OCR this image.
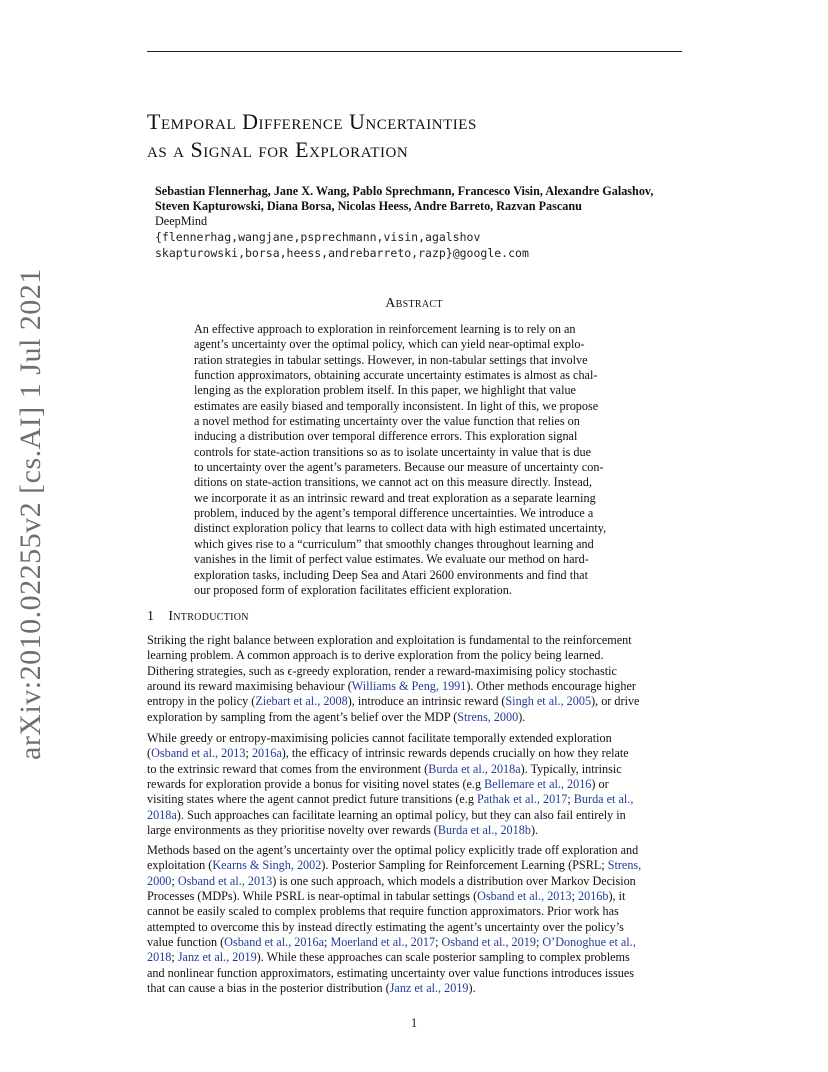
arXiv:2010.02255v2 [cs.AI] 1 Jul 2021
Temporal Difference Uncertainties
as a Signal for Exploration
Sebastian Flennerhag, Jane X. Wang, Pablo Sprechmann, Francesco Visin, Alexandre Galashov,
Steven Kapturowski, Diana Borsa, Nicolas Heess, Andre Barreto, Razvan Pascanu
DeepMind
{flennerhag,wangjane,psprechmann,visin,agalshov
skapturowski,borsa,heess,andrebarreto,razp}@google.com
Abstract
An effective approach to exploration in reinforcement learning is to rely on an
agent’s uncertainty over the optimal policy, which can yield near-optimal explo-
ration strategies in tabular settings. However, in non-tabular settings that involve
function approximators, obtaining accurate uncertainty estimates is almost as chal-
lenging as the exploration problem itself. In this paper, we highlight that value
estimates are easily biased and temporally inconsistent. In light of this, we propose
a novel method for estimating uncertainty over the value function that relies on
inducing a distribution over temporal difference errors. This exploration signal
controls for state-action transitions so as to isolate uncertainty in value that is due
to uncertainty over the agent’s parameters. Because our measure of uncertainty con-
ditions on state-action transitions, we cannot act on this measure directly. Instead,
we incorporate it as an intrinsic reward and treat exploration as a separate learning
problem, induced by the agent’s temporal difference uncertainties. We introduce a
distinct exploration policy that learns to collect data with high estimated uncertainty,
which gives rise to a “curriculum” that smoothly changes throughout learning and
vanishes in the limit of perfect value estimates. We evaluate our method on hard-
exploration tasks, including Deep Sea and Atari 2600 environments and find that
our proposed form of exploration facilitates efficient exploration.
1 Introduction
Striking the right balance between exploration and exploitation is fundamental to the reinforcement
learning problem. A common approach is to derive exploration from the policy being learned.
Dithering strategies, such as ϵ-greedy exploration, render a reward-maximising policy stochastic
around its reward maximising behaviour (Williams & Peng, 1991). Other methods encourage higher
entropy in the policy (Ziebart et al., 2008), introduce an intrinsic reward (Singh et al., 2005), or drive
exploration by sampling from the agent’s belief over the MDP (Strens, 2000).
While greedy or entropy-maximising policies cannot facilitate temporally extended exploration
(Osband et al., 2013; 2016a), the efficacy of intrinsic rewards depends crucially on how they relate
to the extrinsic reward that comes from the environment (Burda et al., 2018a). Typically, intrinsic
rewards for exploration provide a bonus for visiting novel states (e.g Bellemare et al., 2016) or
visiting states where the agent cannot predict future transitions (e.g Pathak et al., 2017; Burda et al.,
2018a). Such approaches can facilitate learning an optimal policy, but they can also fail entirely in
large environments as they prioritise novelty over rewards (Burda et al., 2018b).
Methods based on the agent’s uncertainty over the optimal policy explicitly trade off exploration and
exploitation (Kearns & Singh, 2002). Posterior Sampling for Reinforcement Learning (PSRL; Strens,
2000; Osband et al., 2013) is one such approach, which models a distribution over Markov Decision
Processes (MDPs). While PSRL is near-optimal in tabular settings (Osband et al., 2013; 2016b), it
cannot be easily scaled to complex problems that require function approximators. Prior work has
attempted to overcome this by instead directly estimating the agent’s uncertainty over the policy’s
value function (Osband et al., 2016a; Moerland et al., 2017; Osband et al., 2019; O’Donoghue et al.,
2018; Janz et al., 2019). While these approaches can scale posterior sampling to complex problems
and nonlinear function approximators, estimating uncertainty over value functions introduces issues
that can cause a bias in the posterior distribution (Janz et al., 2019).
1
